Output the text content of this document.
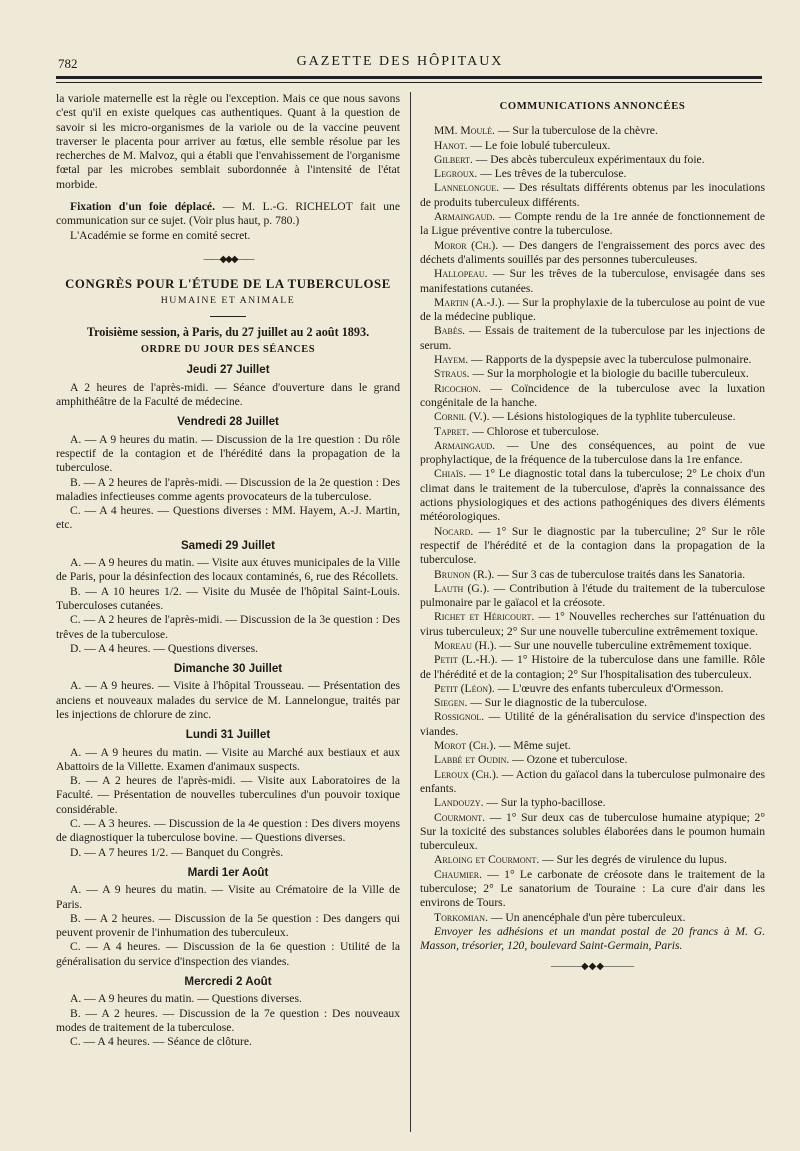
782	GAZETTE DES HÔPITAUX

la variole maternelle est la règle ou l'exception. Mais ce que nous savons c'est qu'il en existe quelques cas authentiques. Quant à la question de savoir si les micro-organismes de la variole ou de la vaccine peuvent traverser le placenta pour arriver au fœtus, elle semble résolue par les recherches de M. Malvoz, qui a établi que l'envahissement de l'organisme fœtal par les microbes semblait subordonnée à l'intensité de l'état morbide.

Fixation d'un foie déplacé. — M. L.-G. RICHELOT fait une communication sur ce sujet. (Voir plus haut, p. 780.)

L'Académie se forme en comité secret.

——◆◆◆——
CONGRÈS POUR L'ÉTUDE DE LA TUBERCULOSE
HUMAINE ET ANIMALE
Troisième session, à Paris, du 27 juillet au 2 août 1893.
ORDRE DU JOUR DES SÉANCES
Jeudi 27 Juillet

A 2 heures de l'après-midi. — Séance d'ouverture dans le grand amphithéâtre de la Faculté de médecine.

Vendredi 28 Juillet

A. — A 9 heures du matin. — Discussion de la 1re question : Du rôle respectif de la contagion et de l'hérédité dans la propagation de la tuberculose.

B. — A 2 heures de l'après-midi. — Discussion de la 2e question : Des maladies infectieuses comme agents provocateurs de la tuberculose.

C. — A 4 heures. — Questions diverses : MM. Hayem, A.-J. Martin, etc.

Samedi 29 Juillet

A. — A 9 heures du matin. — Visite aux étuves municipales de la Ville de Paris, pour la désinfection des locaux contaminés, 6, rue des Récollets.

B. — A 10 heures 1/2. — Visite du Musée de l'hôpital Saint-Louis. Tuberculoses cutanées.

C. — A 2 heures de l'après-midi. — Discussion de la 3e question : Des trêves de la tuberculose.

D. — A 4 heures. — Questions diverses.

Dimanche 30 Juillet

A. — A 9 heures. — Visite à l'hôpital Trousseau. — Présentation des anciens et nouveaux malades du service de M. Lannelongue, traités par les injections de chlorure de zinc.

Lundi 31 Juillet

A. — A 9 heures du matin. — Visite au Marché aux bestiaux et aux Abattoirs de la Villette. Examen d'animaux suspects.

B. — A 2 heures de l'après-midi. — Visite aux Laboratoires de la Faculté. — Présentation de nouvelles tuberculines d'un pouvoir toxique considérable.

C. — A 3 heures. — Discussion de la 4e question : Des divers moyens de diagnostiquer la tuberculose bovine. — Questions diverses.

D. — A 7 heures 1/2. — Banquet du Congrès.

Mardi 1er Août

A. — A 9 heures du matin. — Visite au Crématoire de la Ville de Paris.

B. — A 2 heures. — Discussion de la 5e question : Des dangers qui peuvent provenir de l'inhumation des tuberculeux.

C. — A 4 heures. — Discussion de la 6e question : Utilité de la généralisation du service d'inspection des viandes.

Mercredi 2 Août

A. — A 9 heures du matin. — Questions diverses.

B. — A 2 heures. — Discussion de la 7e question : Des nouveaux modes de traitement de la tuberculose.

C. — A 4 heures. — Séance de clôture.

COMMUNICATIONS ANNONCÉES

MM. Moulé. — Sur la tuberculose de la chèvre.

Hanot. — Le foie lobulé tuberculeux.

Gilbert. — Des abcès tuberculeux expérimentaux du foie.

Legroux. — Les trêves de la tuberculose.

Lannelongue. — Des résultats différents obtenus par les inoculations de produits tuberculeux différents.

Armaingaud. — Compte rendu de la 1re année de fonctionnement de la Ligue préventive contre la tuberculose.

Moror (Ch.). — Des dangers de l'engraissement des porcs avec des déchets d'aliments souillés par des personnes tuberculeuses.

Hallopeau. — Sur les trêves de la tuberculose, envisagée dans ses manifestations cutanées.

Martin (A.-J.). — Sur la prophylaxie de la tuberculose au point de vue de la médecine publique.

Babès. — Essais de traitement de la tuberculose par les injections de serum.

Hayem. — Rapports de la dyspepsie avec la tuberculose pulmonaire.

Straus. — Sur la morphologie et la biologie du bacille tuberculeux.

Ricochon. — Coïncidence de la tuberculose avec la luxation congénitale de la hanche.

Cornil (V.). — Lésions histologiques de la typhlite tuberculeuse.

Tapret. — Chlorose et tuberculose.

Armaingaud. — Une des conséquences, au point de vue prophylactique, de la fréquence de la tuberculose dans la 1re enfance.

Chiaïs. — 1° Le diagnostic total dans la tuberculose; 2° Le choix d'un climat dans le traitement de la tuberculose, d'après la connaissance des actions physiologiques et des actions pathogéniques des divers éléments météorologiques.

Nocard. — 1° Sur le diagnostic par la tuberculine; 2° Sur le rôle respectif de l'hérédité et de la contagion dans la propagation de la tuberculose.

Brunon (R.). — Sur 3 cas de tuberculose traités dans les Sanatoria.

Lauth (G.). — Contribution à l'étude du traitement de la tuberculose pulmonaire par le gaïacol et la créosote.

Richet et Héricourt. — 1° Nouvelles recherches sur l'atténuation du virus tuberculeux; 2° Sur une nouvelle tuberculine extrêmement toxique.

Moreau (H.). — Sur une nouvelle tuberculine extrêmement toxique.

Petit (L.-H.). — 1° Histoire de la tuberculose dans une famille. Rôle de l'hérédité et de la contagion; 2° Sur l'hospitalisation des tuberculeux.

Petit (Léon). — L'œuvre des enfants tuberculeux d'Ormesson.

Siegen. — Sur le diagnostic de la tuberculose.

Rossignol. — Utilité de la généralisation du service d'inspection des viandes.

Morot (Ch.). — Même sujet.

Labbé et Oudin. — Ozone et tuberculose.

Leroux (Ch.). — Action du gaïacol dans la tuberculose pulmonaire des enfants.

Landouzy. — Sur la typho-bacillose.

Courmont. — 1° Sur deux cas de tuberculose humaine atypique; 2° Sur la toxicité des substances solubles élaborées dans le poumon humain tuberculeux.

Arloing et Courmont. — Sur les degrés de virulence du lupus.

Chaumier. — 1° Le carbonate de créosote dans le traitement de la tuberculose; 2° Le sanatorium de Touraine : La cure d'air dans les environs de Tours.

Torkomian. — Un anencéphale d'un père tuberculeux.

Envoyer les adhésions et un mandat postal de 20 francs à M. G. Masson, trésorier, 120, boulevard Saint-Germain, Paris.

———◆◆◆———
